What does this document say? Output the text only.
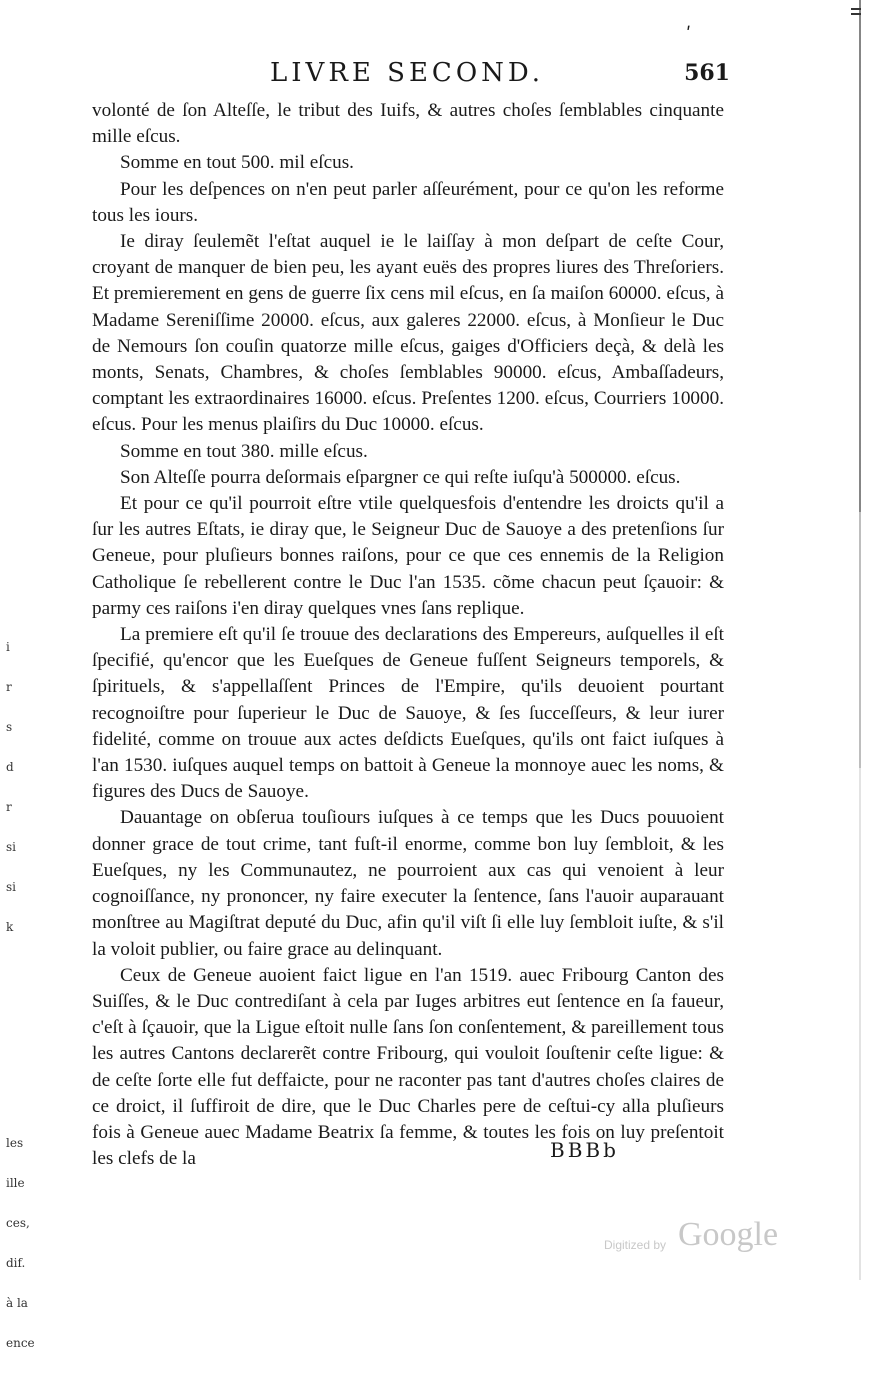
LIVRE SECOND.	561
ʹ

volonté de ſon Alteſſe, le tribut des Iuifs, & autres choſes ſemblables cinquante mille eſcus.

Somme en tout 500. mil eſcus.

Pour les deſpences on n'en peut parler aſſeurément, pour ce qu'on les reforme tous les iours.

Ie diray ſeulemẽt l'eſtat auquel ie le laiſſay à mon deſpart de ceſte Cour, croyant de manquer de bien peu, les ayant euës des propres liures des Threſoriers. Et premierement en gens de guerre ſix cens mil eſcus, en ſa maiſon 60000. eſcus, à Madame Sereniſſime 20000. eſcus, aux galeres 22000. eſcus, à Monſieur le Duc de Nemours ſon couſin quatorze mille eſcus, gaiges d'Officiers deçà, & delà les monts, Senats, Chambres, & choſes ſemblables 90000. eſcus, Ambaſſadeurs, comptant les extraordinaires 16000. eſcus. Preſentes 1200. eſcus, Courriers 10000. eſcus. Pour les menus plaiſirs du Duc 10000. eſcus.

Somme en tout 380. mille eſcus.

Son Alteſſe pourra deſormais eſpargner ce qui reſte iuſqu'à 500000. eſcus.

Et pour ce qu'il pourroit eſtre vtile quelquesfois d'entendre les droicts qu'il a ſur les autres Eſtats, ie diray que, le Seigneur Duc de Sauoye a des pretenſions ſur Geneue, pour pluſieurs bonnes raiſons, pour ce que ces ennemis de la Religion Catholique ſe rebellerent contre le Duc l'an 1535. cõme chacun peut ſçauoir: & parmy ces raiſons i'en diray quelques vnes ſans replique.

La premiere eſt qu'il ſe trouue des declarations des Empereurs, auſquelles il eſt ſpecifié, qu'encor que les Eueſques de Geneue fuſſent Seigneurs temporels, & ſpirituels, & s'appellaſſent Princes de l'Empire, qu'ils deuoient pourtant recognoiſtre pour ſuperieur le Duc de Sauoye, & ſes ſucceſſeurs, & leur iurer fidelité, comme on trouue aux actes deſdicts Eueſques, qu'ils ont faict iuſques à l'an 1530. iuſques auquel temps on battoit à Geneue la monnoye auec les noms, & figures des Ducs de Sauoye.

Dauantage on obſerua touſiours iuſques à ce temps que les Ducs pouuoient donner grace de tout crime, tant fuſt-il enorme, comme bon luy ſembloit, & les Eueſques, ny les Communautez, ne pourroient aux cas qui venoient à leur cognoiſſance, ny prononcer, ny faire executer la ſentence, ſans l'auoir auparauant monſtree au Magiſtrat deputé du Duc, afin qu'il viſt ſi elle luy ſembloit iuſte, & s'il la voloit publier, ou faire grace au delinquant.

Ceux de Geneue auoient faict ligue en l'an 1519. auec Fribourg Canton des Suiſſes, & le Duc contrediſant à cela par Iuges arbitres eut ſentence en ſa faueur, c'eſt à ſçauoir, que la Ligue eſtoit nulle ſans ſon conſentement, & pareillement tous les autres Cantons declarerẽt contre Fribourg, qui vouloit ſouſtenir ceſte ligue: & de ceſte ſorte elle fut deffaicte, pour ne raconter pas tant d'autres choſes claires de ce droict, il ſuffiroit de dire, que le Duc Charles pere de ceſtui-cy alla pluſieurs fois à Geneue auec Madame Beatrix ſa femme, & toutes les fois on luy preſentoit les clefs de la	BBBb
i
r
s
d
r
si
si
k
les
ille
ces,
dif.
à la
ence
Digitized by Google
